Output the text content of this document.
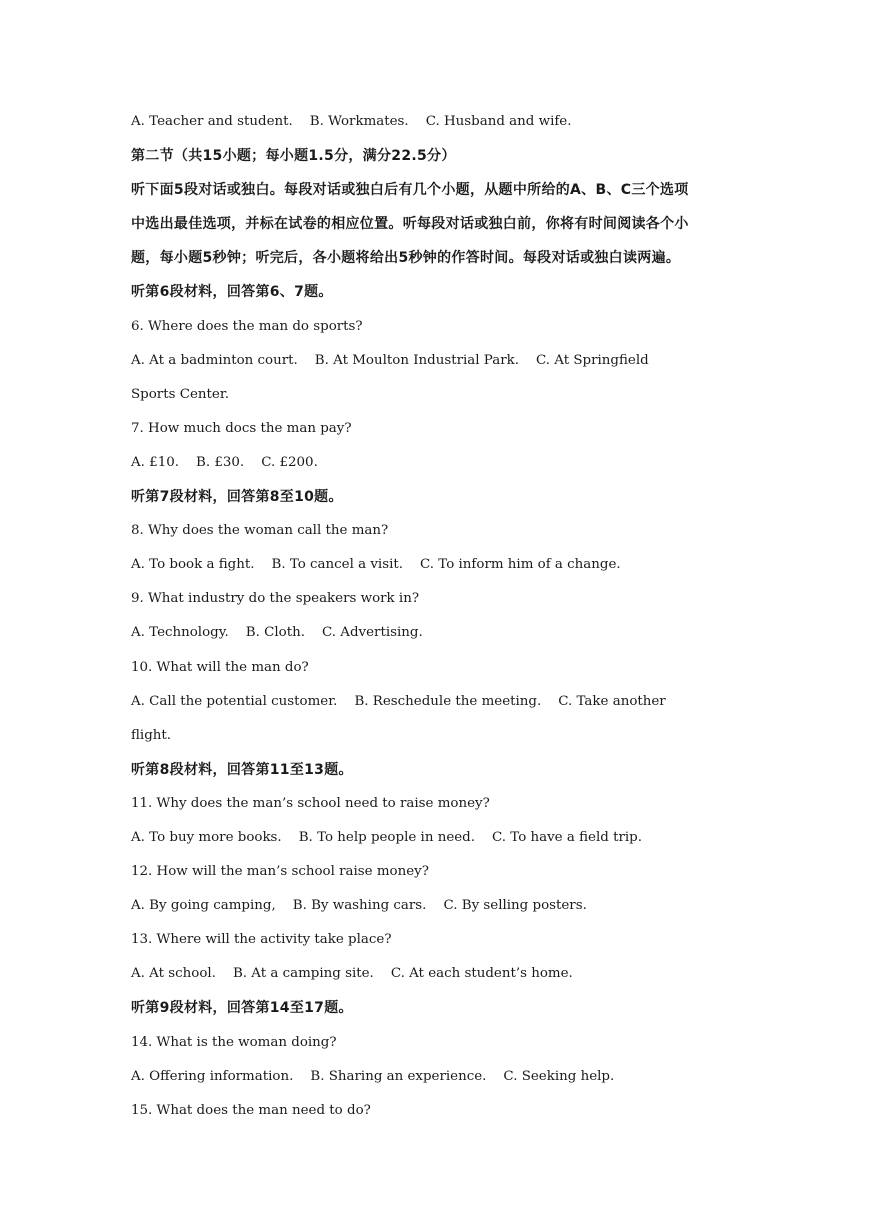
A. Teacher and student.    B. Workmates.    C. Husband and wife.
第二节（共15小题；每小题1.5分，满分22.5分）
听下面5段对话或独白。每段对话或独白后有几个小题，从题中所给的A、B、C三个选项
中选出最佳选项，并标在试卷的相应位置。听每段对话或独白前，你将有时间阅读各个小
题，每小题5秒钟；听完后，各小题将给出5秒钟的作答时间。每段对话或独白读两遍。
听第6段材料，回答第6、7题。
6. Where does the man do sports?
A. At a badminton court.    B. At Moulton Industrial Park.    C. At Springfield
Sports Center.
7. How much docs the man pay?
A. £10.    B. £30.    C. £200.
听第7段材料，回答第8至10题。
8. Why does the woman call the man?
A. To book a fight.    B. To cancel a visit.    C. To inform him of a change.
9. What industry do the speakers work in?
A. Technology.    B. Cloth.    C. Advertising.
10. What will the man do?
A. Call the potential customer.    B. Reschedule the meeting.    C. Take another
flight.
听第8段材料，回答第11至13题。
11. Why does the man’s school need to raise money?
A. To buy more books.    B. To help people in need.    C. To have a field trip.
12. How will the man’s school raise money?
A. By going camping,    B. By washing cars.    C. By selling posters.
13. Where will the activity take place?
A. At school.    B. At a camping site.    C. At each student’s home.
听第9段材料，回答第14至17题。
14. What is the woman doing?
A. Offering information.    B. Sharing an experience.    C. Seeking help.
15. What does the man need to do?
